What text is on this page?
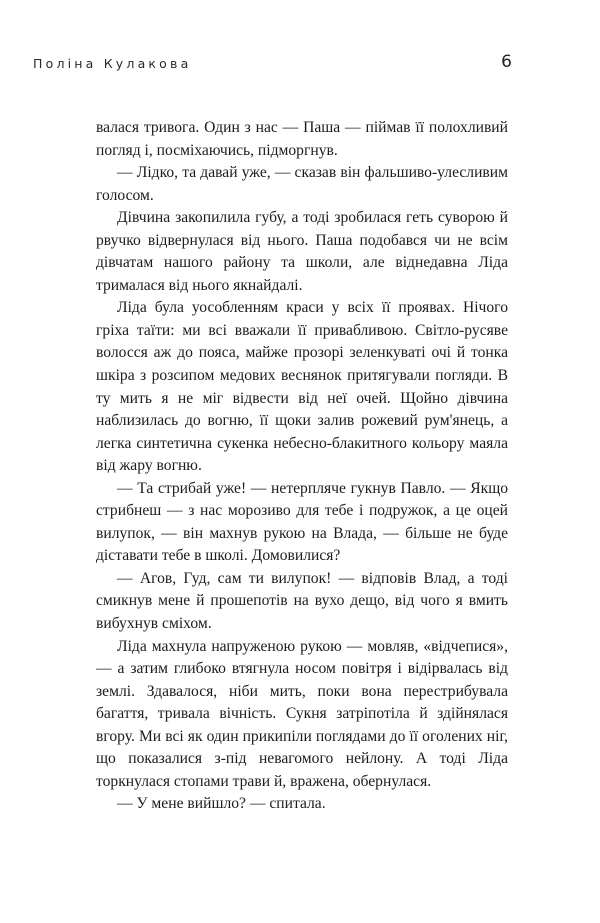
Поліна Кулакова	6

валася тривога. Один з нас — Паша — піймав її полохливий погляд і, посміхаючись, підморгнув.

— Лідко, та давай уже, — сказав він фальшиво-улесливим голосом.

Дівчина закопилила губу, а тоді зробилася геть суворою й рвучко відвернулася від нього. Паша подобався чи не всім дівчатам нашого району та школи, але віднедавна Ліда трималася від нього якнайдалі.

Ліда була уособленням краси у всіх її проявах. Нічого гріха таїти: ми всі вважали її привабливою. Світло-русяве волосся аж до пояса, майже прозорі зеленкуваті очі й тонка шкіра з розсипом медових веснянок притягували погляди. В ту мить я не міг відвести від неї очей. Щойно дівчина наблизилась до вогню, її щоки залив рожевий рум'янець, а легка синтетична сукенка небесно-блакитного кольору маяла від жару вогню.

— Та стрибай уже! — нетерпляче гукнув Павло. — Якщо стрибнеш — з нас морозиво для тебе і подружок, а це оцей вилупок, — він махнув рукою на Влада, — більше не буде діставати тебе в школі. Домовилися?

— Агов, Гуд, сам ти вилупок! — відповів Влад, а тоді смикнув мене й прошепотів на вухо дещо, від чого я вмить вибухнув сміхом.

Ліда махнула напруженою рукою — мовляв, «відчепися», — а затим глибоко втягнула носом повітря і відірвалась від землі. Здавалося, ніби мить, поки вона перестрибувала багаття, тривала вічність. Сукня затріпотіла й здійнялася вгору. Ми всі як один прикипіли поглядами до її оголених ніг, що показалися з-під невагомого нейлону. А тоді Ліда торкнулася стопами трави й, вражена, обернулася.

— У мене вийшло? — спитала.
